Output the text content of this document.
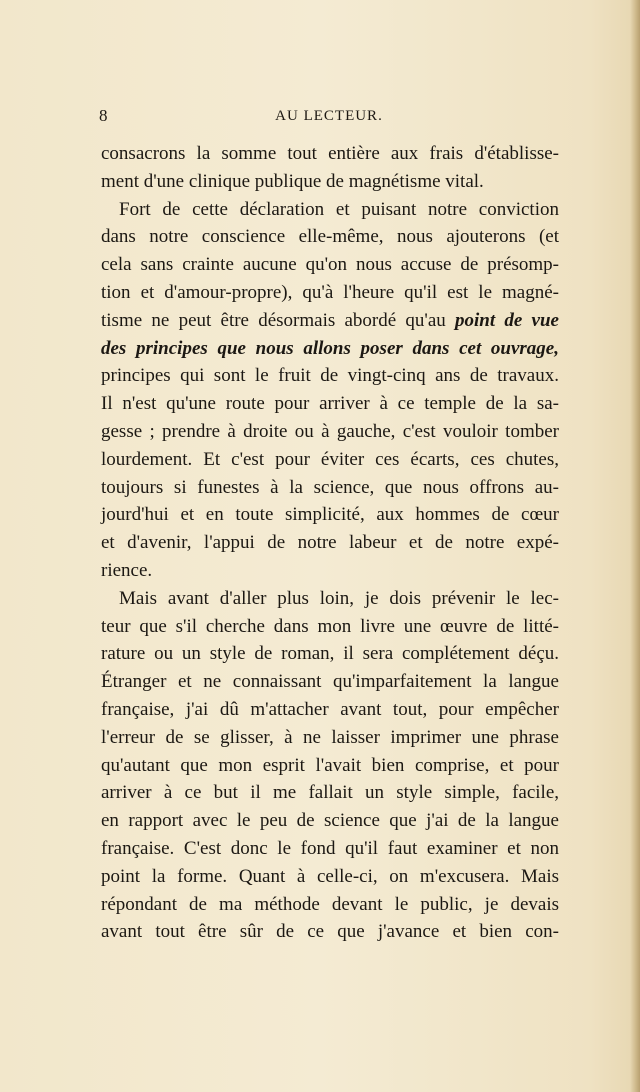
8	AU LECTEUR.
consacrons la somme tout entière aux frais d'établisse-
ment d'une clinique publique de magnétisme vital.
Fort de cette déclaration et puisant notre conviction
dans notre conscience elle-même, nous ajouterons (et
cela sans crainte aucune qu'on nous accuse de présomp-
tion et d'amour-propre), qu'à l'heure qu'il est le magné-
tisme ne peut être désormais abordé qu'au point de vue
des principes que nous allons poser dans cet ouvrage,
principes qui sont le fruit de vingt-cinq ans de travaux.
Il n'est qu'une route pour arriver à ce temple de la sa-
gesse ; prendre à droite ou à gauche, c'est vouloir tomber
lourdement. Et c'est pour éviter ces écarts, ces chutes,
toujours si funestes à la science, que nous offrons au-
jourd'hui et en toute simplicité, aux hommes de cœur
et d'avenir, l'appui de notre labeur et de notre expé-
rience.
Mais avant d'aller plus loin, je dois prévenir le lec-
teur que s'il cherche dans mon livre une œuvre de litté-
rature ou un style de roman, il sera complétement déçu.
Étranger et ne connaissant qu'imparfaitement la langue
française, j'ai dû m'attacher avant tout, pour empêcher
l'erreur de se glisser, à ne laisser imprimer une phrase
qu'autant que mon esprit l'avait bien comprise, et pour
arriver à ce but il me fallait un style simple, facile,
en rapport avec le peu de science que j'ai de la langue
française. C'est donc le fond qu'il faut examiner et non
point la forme. Quant à celle-ci, on m'excusera. Mais
répondant de ma méthode devant le public, je devais
avant tout être sûr de ce que j'avance et bien con-
